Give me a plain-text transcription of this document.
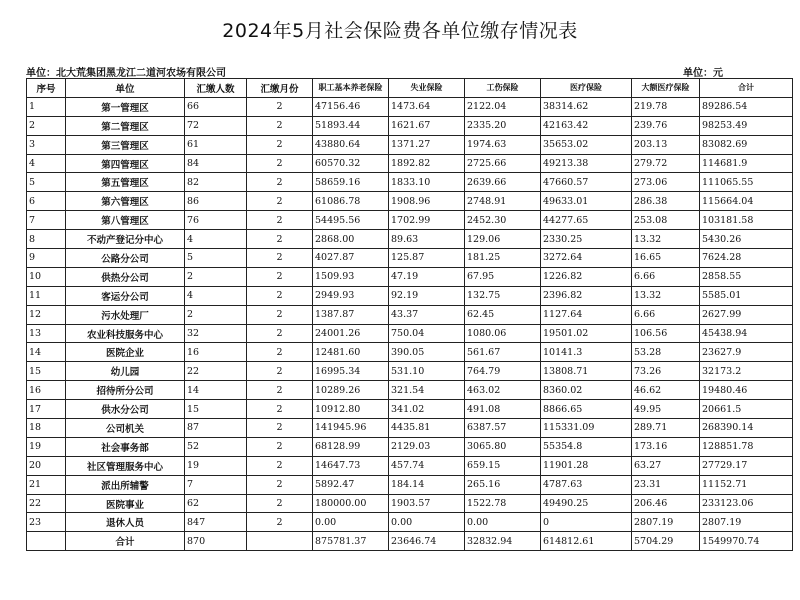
2024年5月社会保险费各单位缴存情况表
单位：北大荒集团黑龙江二道河农场有限公司	单位：元
序号	单位	汇缴人数	汇缴月份	职工基本养老保险	失业保险	工伤保险	医疗保险	大额医疗保险	合计
1	第一管理区	66	2	47156.46	1473.64	2122.04	38314.62	219.78	89286.54
2	第二管理区	72	2	51893.44	1621.67	2335.20	42163.42	239.76	98253.49
3	第三管理区	61	2	43880.64	1371.27	1974.63	35653.02	203.13	83082.69
4	第四管理区	84	2	60570.32	1892.82	2725.66	49213.38	279.72	114681.9
5	第五管理区	82	2	58659.16	1833.10	2639.66	47660.57	273.06	111065.55
6	第六管理区	86	2	61086.78	1908.96	2748.91	49633.01	286.38	115664.04
7	第八管理区	76	2	54495.56	1702.99	2452.30	44277.65	253.08	103181.58
8	不动产登记分中心	4	2	2868.00	89.63	129.06	2330.25	13.32	5430.26
9	公路分公司	5	2	4027.87	125.87	181.25	3272.64	16.65	7624.28
10	供热分公司	2	2	1509.93	47.19	67.95	1226.82	6.66	2858.55
11	客运分公司	4	2	2949.93	92.19	132.75	2396.82	13.32	5585.01
12	污水处理厂	2	2	1387.87	43.37	62.45	1127.64	6.66	2627.99
13	农业科技服务中心	32	2	24001.26	750.04	1080.06	19501.02	106.56	45438.94
14	医院企业	16	2	12481.60	390.05	561.67	10141.3	53.28	23627.9
15	幼儿园	22	2	16995.34	531.10	764.79	13808.71	73.26	32173.2
16	招待所分公司	14	2	10289.26	321.54	463.02	8360.02	46.62	19480.46
17	供水分公司	15	2	10912.80	341.02	491.08	8866.65	49.95	20661.5
18	公司机关	87	2	141945.96	4435.81	6387.57	115331.09	289.71	268390.14
19	社会事务部	52	2	68128.99	2129.03	3065.80	55354.8	173.16	128851.78
20	社区管理服务中心	19	2	14647.73	457.74	659.15	11901.28	63.27	27729.17
21	派出所辅警	7	2	5892.47	184.14	265.16	4787.63	23.31	11152.71
22	医院事业	62	2	180000.00	1903.57	1522.78	49490.25	206.46	233123.06
23	退休人员	847	2	0.00	0.00	0.00	0	2807.19	2807.19
	合计	870		875781.37	23646.74	32832.94	614812.61	5704.29	1549970.74
